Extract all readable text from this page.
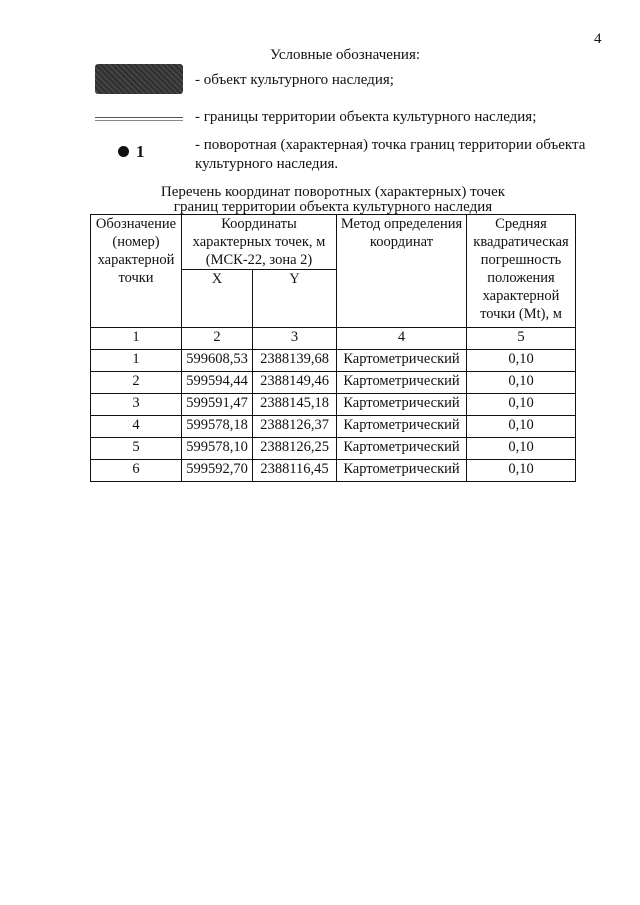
4
Условные обозначения:
- объект культурного наследия;
- границы территории объекта культурного наследия;
1	- поворотная (характерная) точка границ территории объекта культурного наследия.
Перечень координат поворотных (характерных) точек
границ территории объекта культурного наследия
Обозначение (номер) характерной точки	Координаты характерных точек, м (МСК-22, зона 2)		Метод определения координат	Средняя квадратическая погрешность положения характерной точки (Mt), м
	X	Y		
1	2	3	4	5
1	599608,53	2388139,68	Картометрический	0,10
2	599594,44	2388149,46	Картометрический	0,10
3	599591,47	2388145,18	Картометрический	0,10
4	599578,18	2388126,37	Картометрический	0,10
5	599578,10	2388126,25	Картометрический	0,10
6	599592,70	2388116,45	Картометрический	0,10
